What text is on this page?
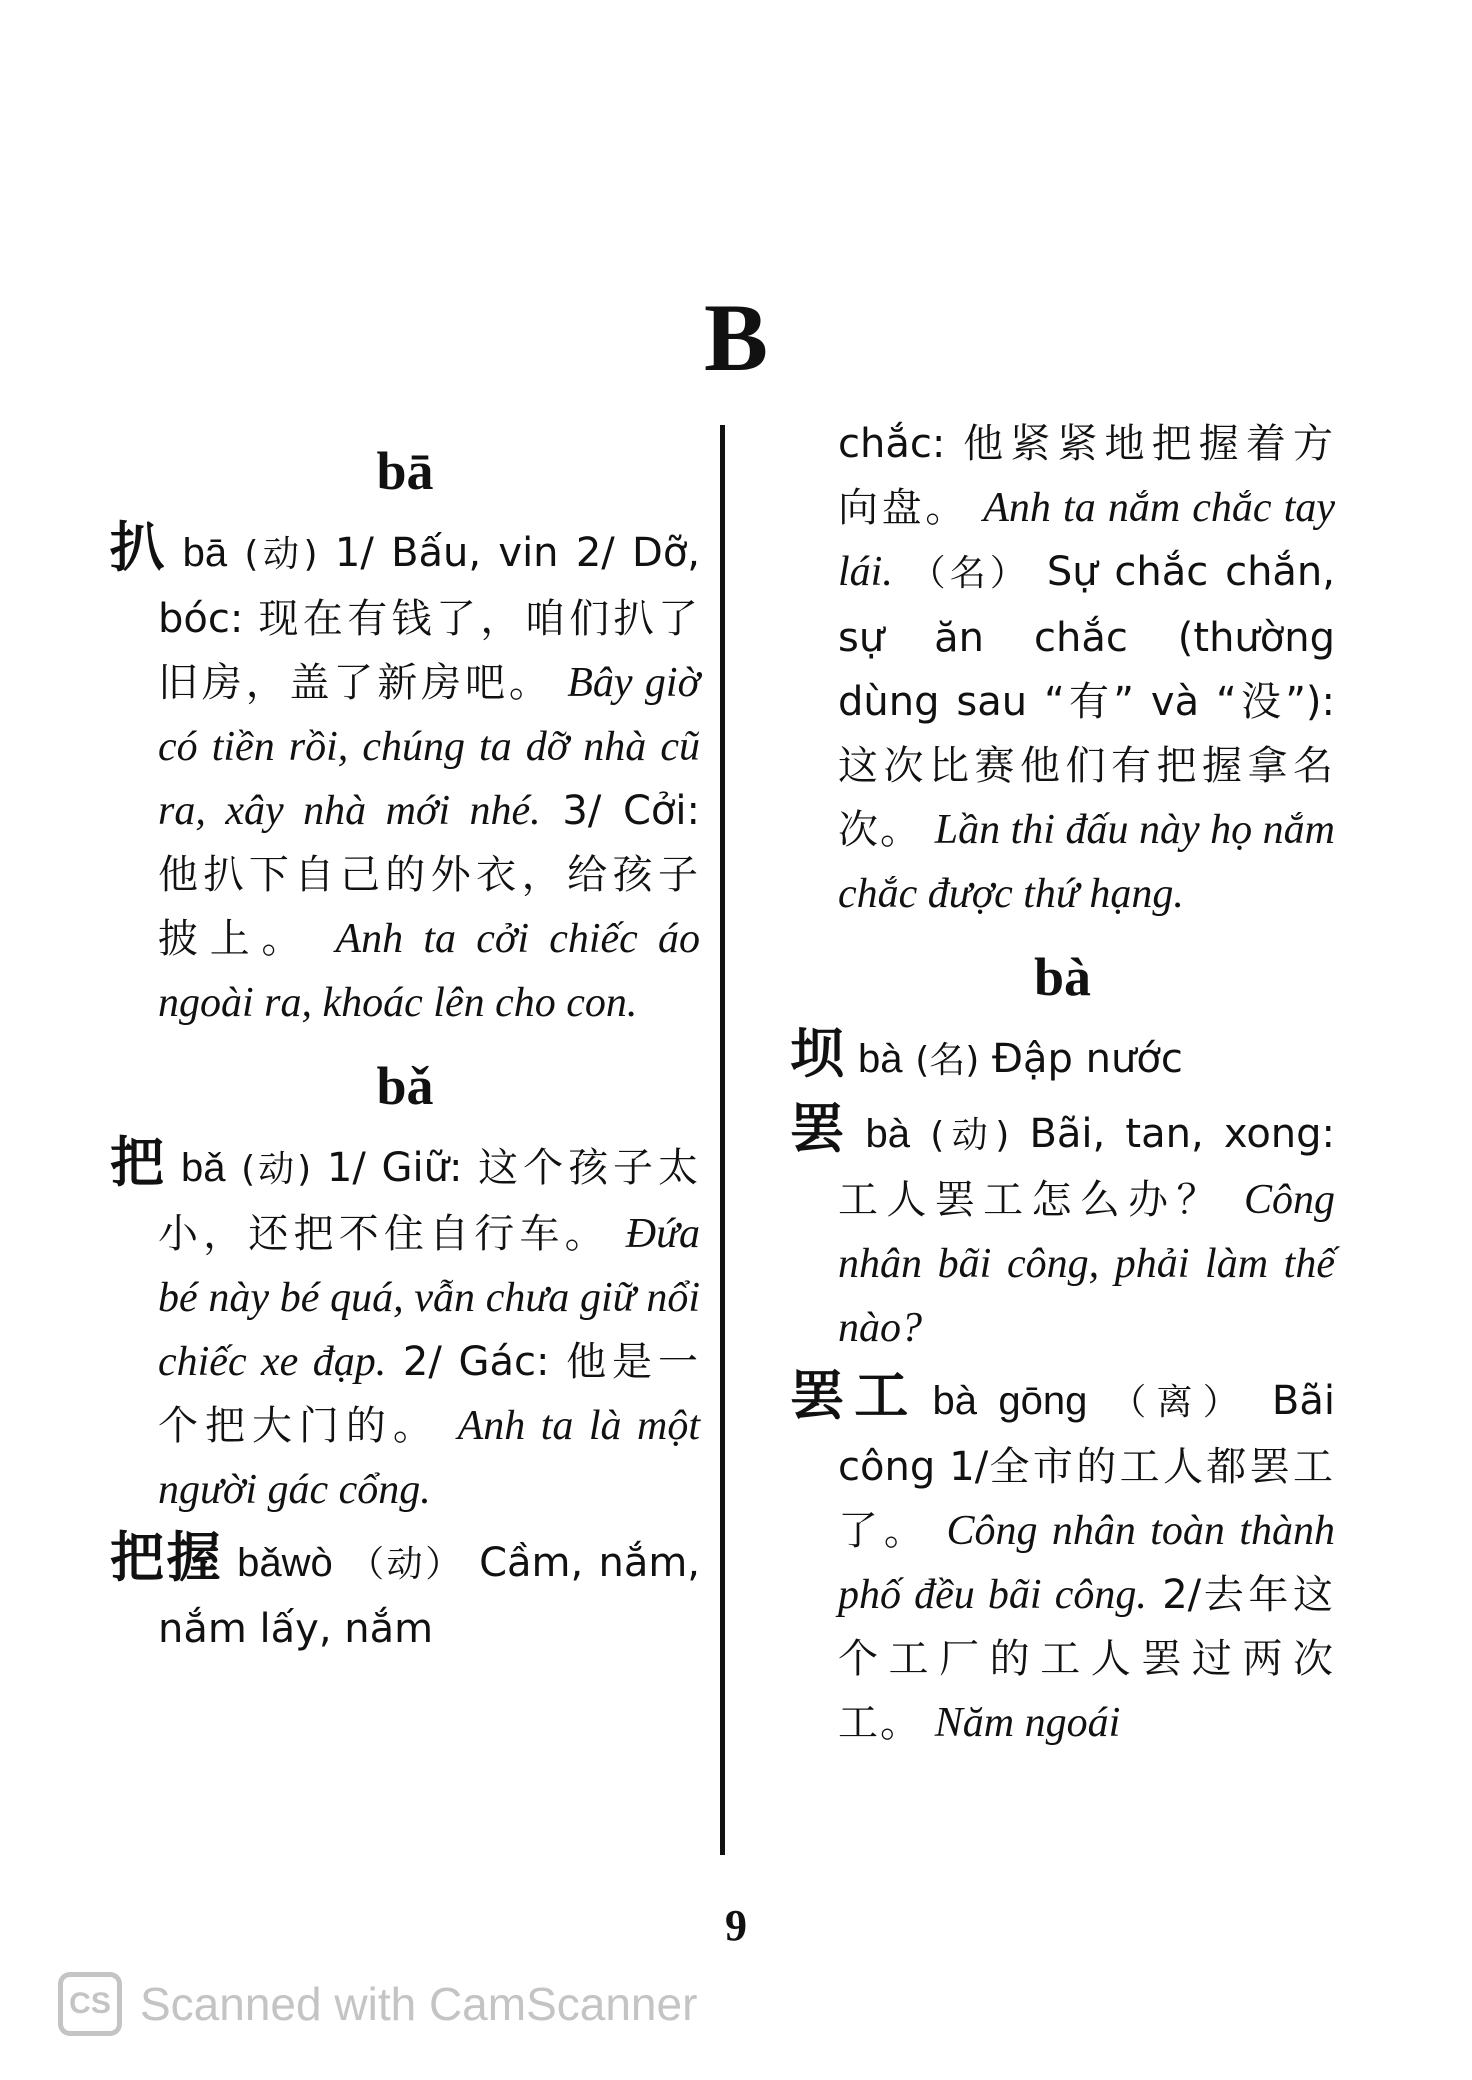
B
bā

扒 bā (动) 1/ Bấu, vin 2/ Dỡ, bóc: 现在有钱了，咱们扒了旧房，盖了新房吧。 Bây giờ có tiền rồi, chúng ta dỡ nhà cũ ra, xây nhà mới nhé. 3/ Cởi: 他扒下自己的外衣，给孩子披上。 Anh ta cởi chiếc áo ngoài ra, khoác lên cho con.

bǎ

把 bǎ (动) 1/ Giữ: 这个孩子太小，还把不住自行车。 Đứa bé này bé quá, vẫn chưa giữ nổi chiếc xe đạp. 2/ Gác: 他是一个把大门的。 Anh ta là một người gác cổng.

把握 bǎwò （动） Cầm, nắm, nắm lấy, nắm

chắc: 他紧紧地把握着方向盘。 Anh ta nắm chắc tay lái. （名） Sự chắc chắn, sự ăn chắc (thường dùng sau “有” và “没”): 这次比赛他们有把握拿名次。 Lần thi đấu này họ nắm chắc được thứ hạng.

bà

坝 bà (名) Đập nước

罢 bà (动) Bãi, tan, xong: 工人罢工怎么办？ Công nhân bãi công, phải làm thế nào?

罢工 bà gōng （离） Bãi công 1/全市的工人都罢工了。 Công nhân toàn thành phố đều bãi công. 2/去年这个工厂的工人罢过两次工。 Năm ngoái

9
CS Scanned with CamScanner
